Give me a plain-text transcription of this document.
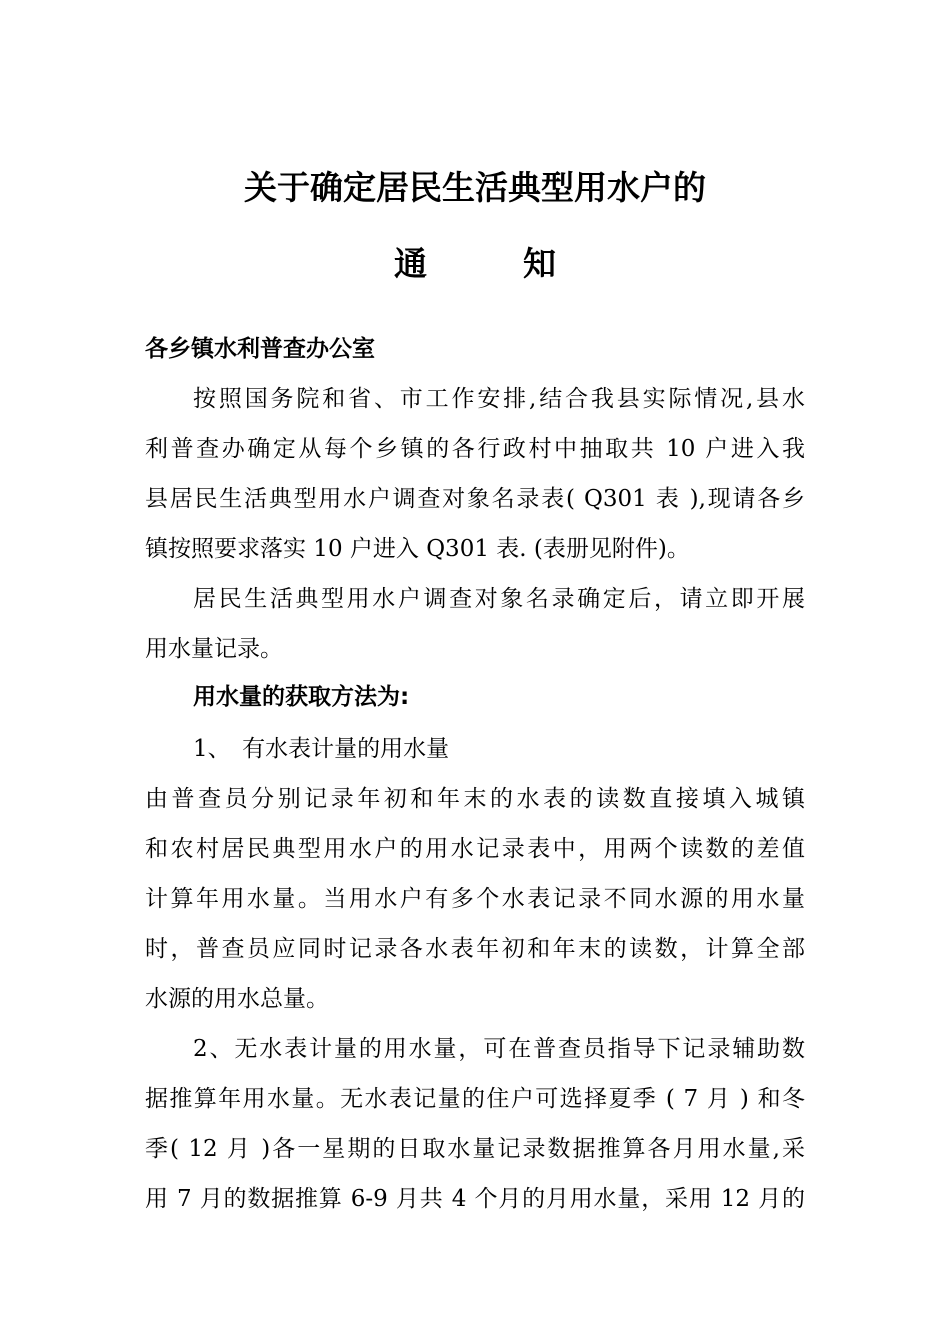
关于确定居民生活典型用水户的
通	知

各乡镇水利普查办公室

按照国务院和省、市工作安排,结合我县实际情况,县水

利普查办确定从每个乡镇的各行政村中抽取共 10 户进入我

县居民生活典型用水户调查对象名录表( Q301 表 ),现请各乡

镇按照要求落实 10 户进入 Q301 表. (表册见附件)。

居民生活典型用水户调查对象名录确定后，请立即开展

用水量记录。

用水量的获取方法为:

1、　有水表计量的用水量

由普查员分别记录年初和年末的水表的读数直接填入城镇

和农村居民典型用水户的用水记录表中，用两个读数的差值

计算年用水量。当用水户有多个水表记录不同水源的用水量

时，普查员应同时记录各水表年初和年末的读数，计算全部

水源的用水总量。

2、无水表计量的用水量，可在普查员指导下记录辅助数

据推算年用水量。无水表记量的住户可选择夏季 ( 7 月 ) 和冬

季( 12 月 )各一星期的日取水量记录数据推算各月用水量,采

用 7 月的数据推算 6-9 月共 4 个月的月用水量，采用 12 月的
